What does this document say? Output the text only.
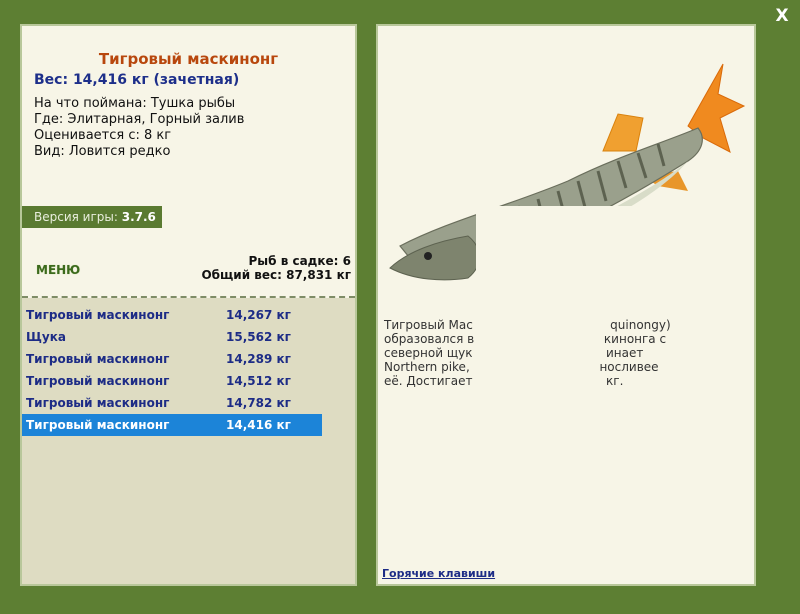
Тигровый маскинонг
Вес: 14,416 кг (зачетная)
На что поймана: Тушка рыбы
Где: Элитарная, Горный залив
Оценивается с: 8 кг
Вид: Ловится редко
Версия игры: 3.7.6
МЕНЮ
Рыб в садке: 6
Общий вес: 87,831 кг
Тигровый маскинонг	14,267 кг
Щука	15,562 кг
Тигровый маскинонг	14,289 кг
Тигровый маскинонг	14,512 кг
Тигровый маскинонг	14,782 кг
Тигровый маскинонг	14,416 кг
Тигровый Мас                                    quinongy)
образовался в                                  кинонга с
северной щук                                   инает
Northern pike,                                  носливее
её. Достигает                                   кг.
Горячие клавиши
X
